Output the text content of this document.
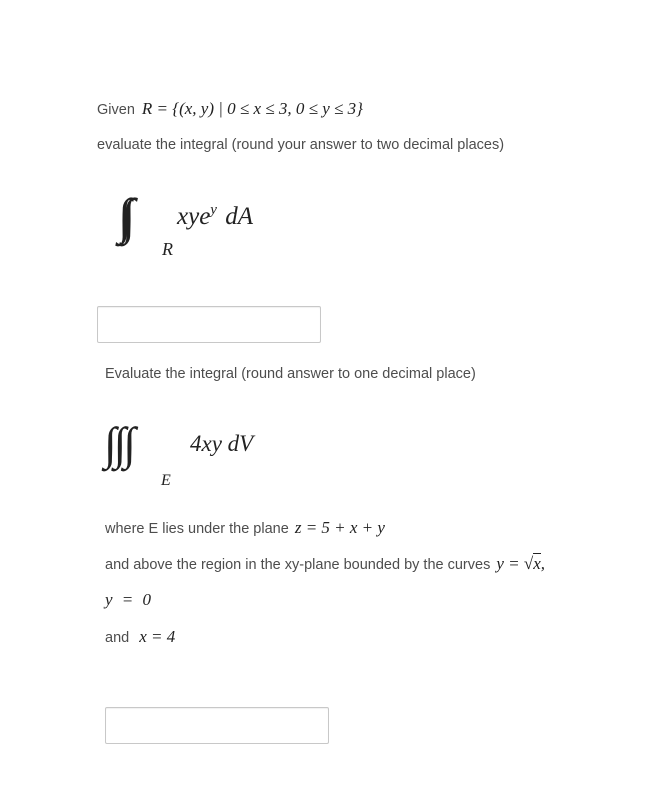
Given R = {(x, y) | 0 ≤ x ≤ 3, 0 ≤ y ≤ 3}
evaluate the integral (round your answer to two decimal places)
∫∫
R
xye$^y$ dA
Evaluate the integral (round answer to one decimal place)
∫∫∫
E
4xy dV
where E lies under the plane z = 5 + x + y
and above the region in the xy-plane bounded by the curves y = √x,
y = 0
and x = 4
